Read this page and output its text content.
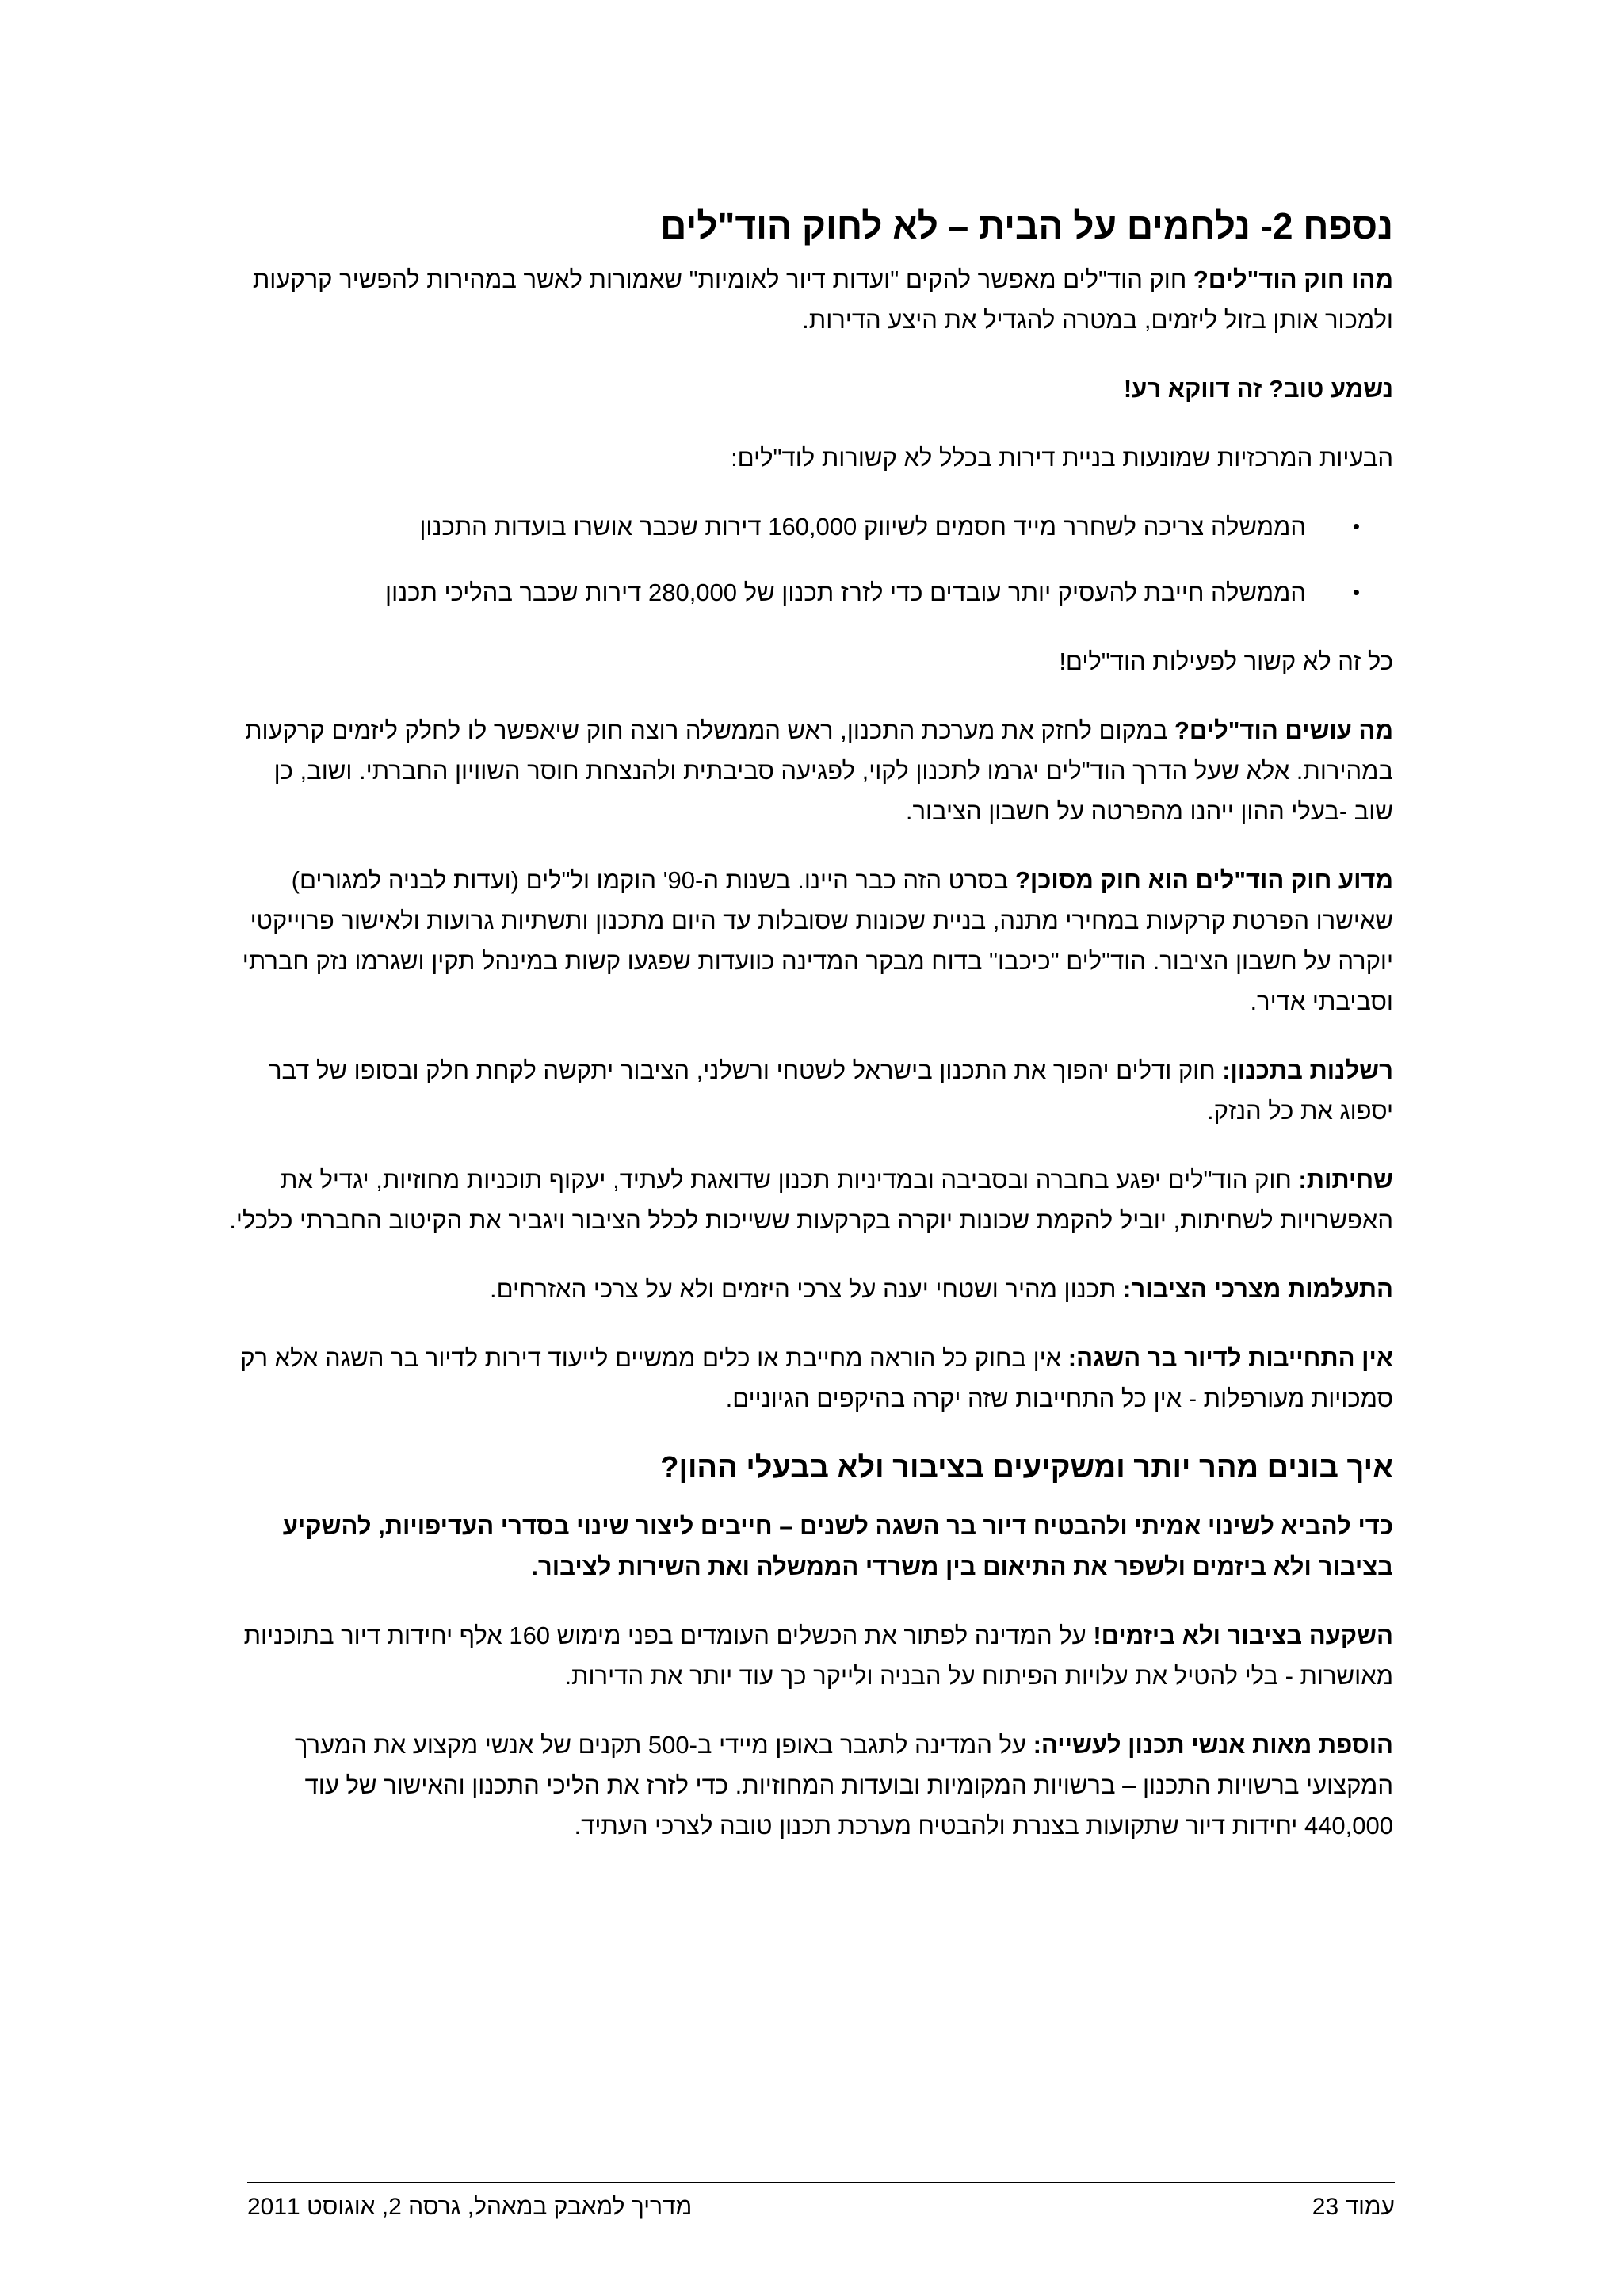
נספח 2- נלחמים על הבית – לא לחוק הוד"לים

מהו חוק הוד"לים? חוק הוד"לים מאפשר להקים "ועדות דיור לאומיות" שאמורות לאשר במהירות להפשיר קרקעות ולמכור אותן בזול ליזמים, במטרה להגדיל את היצע הדירות.

נשמע טוב? זה דווקא רע!

הבעיות המרכזיות שמונעות בניית דירות בכלל לא קשורות לוד"לים:

•
הממשלה צריכה לשחרר מייד חסמים לשיווק 160,000 דירות שכבר אושרו בועדות התכנון
•
הממשלה חייבת להעסיק יותר עובדים כדי לזרז תכנון של 280,000 דירות שכבר בהליכי תכנון

כל זה לא קשור לפעילות הוד"לים!

מה עושים הוד"לים? במקום לחזק את מערכת התכנון, ראש הממשלה רוצה חוק שיאפשר לו לחלק ליזמים קרקעות במהירות. אלא שעל הדרך הוד"לים יגרמו לתכנון לקוי, לפגיעה סביבתית ולהנצחת חוסר השוויון החברתי. ושוב, כן שוב -בעלי ההון ייהנו מהפרטה על חשבון הציבור.

מדוע חוק הוד"לים הוא חוק מסוכן? בסרט הזה כבר היינו. בשנות ה-90' הוקמו ול"לים (ועדות לבניה למגורים) שאישרו הפרטת קרקעות במחירי מתנה, בניית שכונות שסובלות עד היום מתכנון ותשתיות גרועות ולאישור פרוייקטי יוקרה על חשבון הציבור. הוד"לים "כיכבו" בדוח מבקר המדינה כוועדות שפגעו קשות במינהל תקין ושגרמו נזק חברתי וסביבתי אדיר.

רשלנות בתכנון: חוק ודלים יהפוך את התכנון בישראל לשטחי ורשלני, הציבור יתקשה לקחת חלק ובסופו של דבר יספוג את כל הנזק.

שחיתות: חוק הוד"לים יפגע בחברה ובסביבה ובמדיניות תכנון שדואגת לעתיד, יעקוף תוכניות מחוזיות, יגדיל את האפשרויות לשחיתות, יוביל להקמת שכונות יוקרה בקרקעות ששייכות לכלל הציבור ויגביר את הקיטוב החברתי כלכלי.

התעלמות מצרכי הציבור: תכנון מהיר ושטחי יענה על צרכי היזמים ולא על צרכי האזרחים.

אין התחייבות לדיור בר השגה: אין בחוק כל הוראה מחייבת או כלים ממשיים לייעוד דירות לדיור בר השגה אלא רק סמכויות מעורפלות - אין כל התחייבות שזה יקרה בהיקפים הגיוניים.

איך בונים מהר יותר ומשקיעים בציבור ולא בבעלי ההון?

כדי להביא לשינוי אמיתי ולהבטיח דיור בר השגה לשנים – חייבים ליצור שינוי בסדרי העדיפויות, להשקיע בציבור ולא ביזמים ולשפר את התיאום בין משרדי הממשלה ואת השירות לציבור.

השקעה בציבור ולא ביזמים! על המדינה לפתור את הכשלים העומדים בפני מימוש 160 אלף יחידות דיור בתוכניות מאושרות - בלי להטיל את עלויות הפיתוח על הבניה ולייקר כך עוד יותר את הדירות.

הוספת מאות אנשי תכנון לעשייה: על המדינה לתגבר באופן מיידי ב-500 תקנים של אנשי מקצוע את המערך המקצועי ברשויות התכנון – ברשויות המקומיות ובועדות המחוזיות. כדי לזרז את הליכי התכנון והאישור של עוד 440,000 יחידות דיור שתקועות בצנרת ולהבטיח מערכת תכנון טובה לצרכי העתיד.

עמוד 23
מדריך למאבק במאהל, גרסה 2, אוגוסט 2011
